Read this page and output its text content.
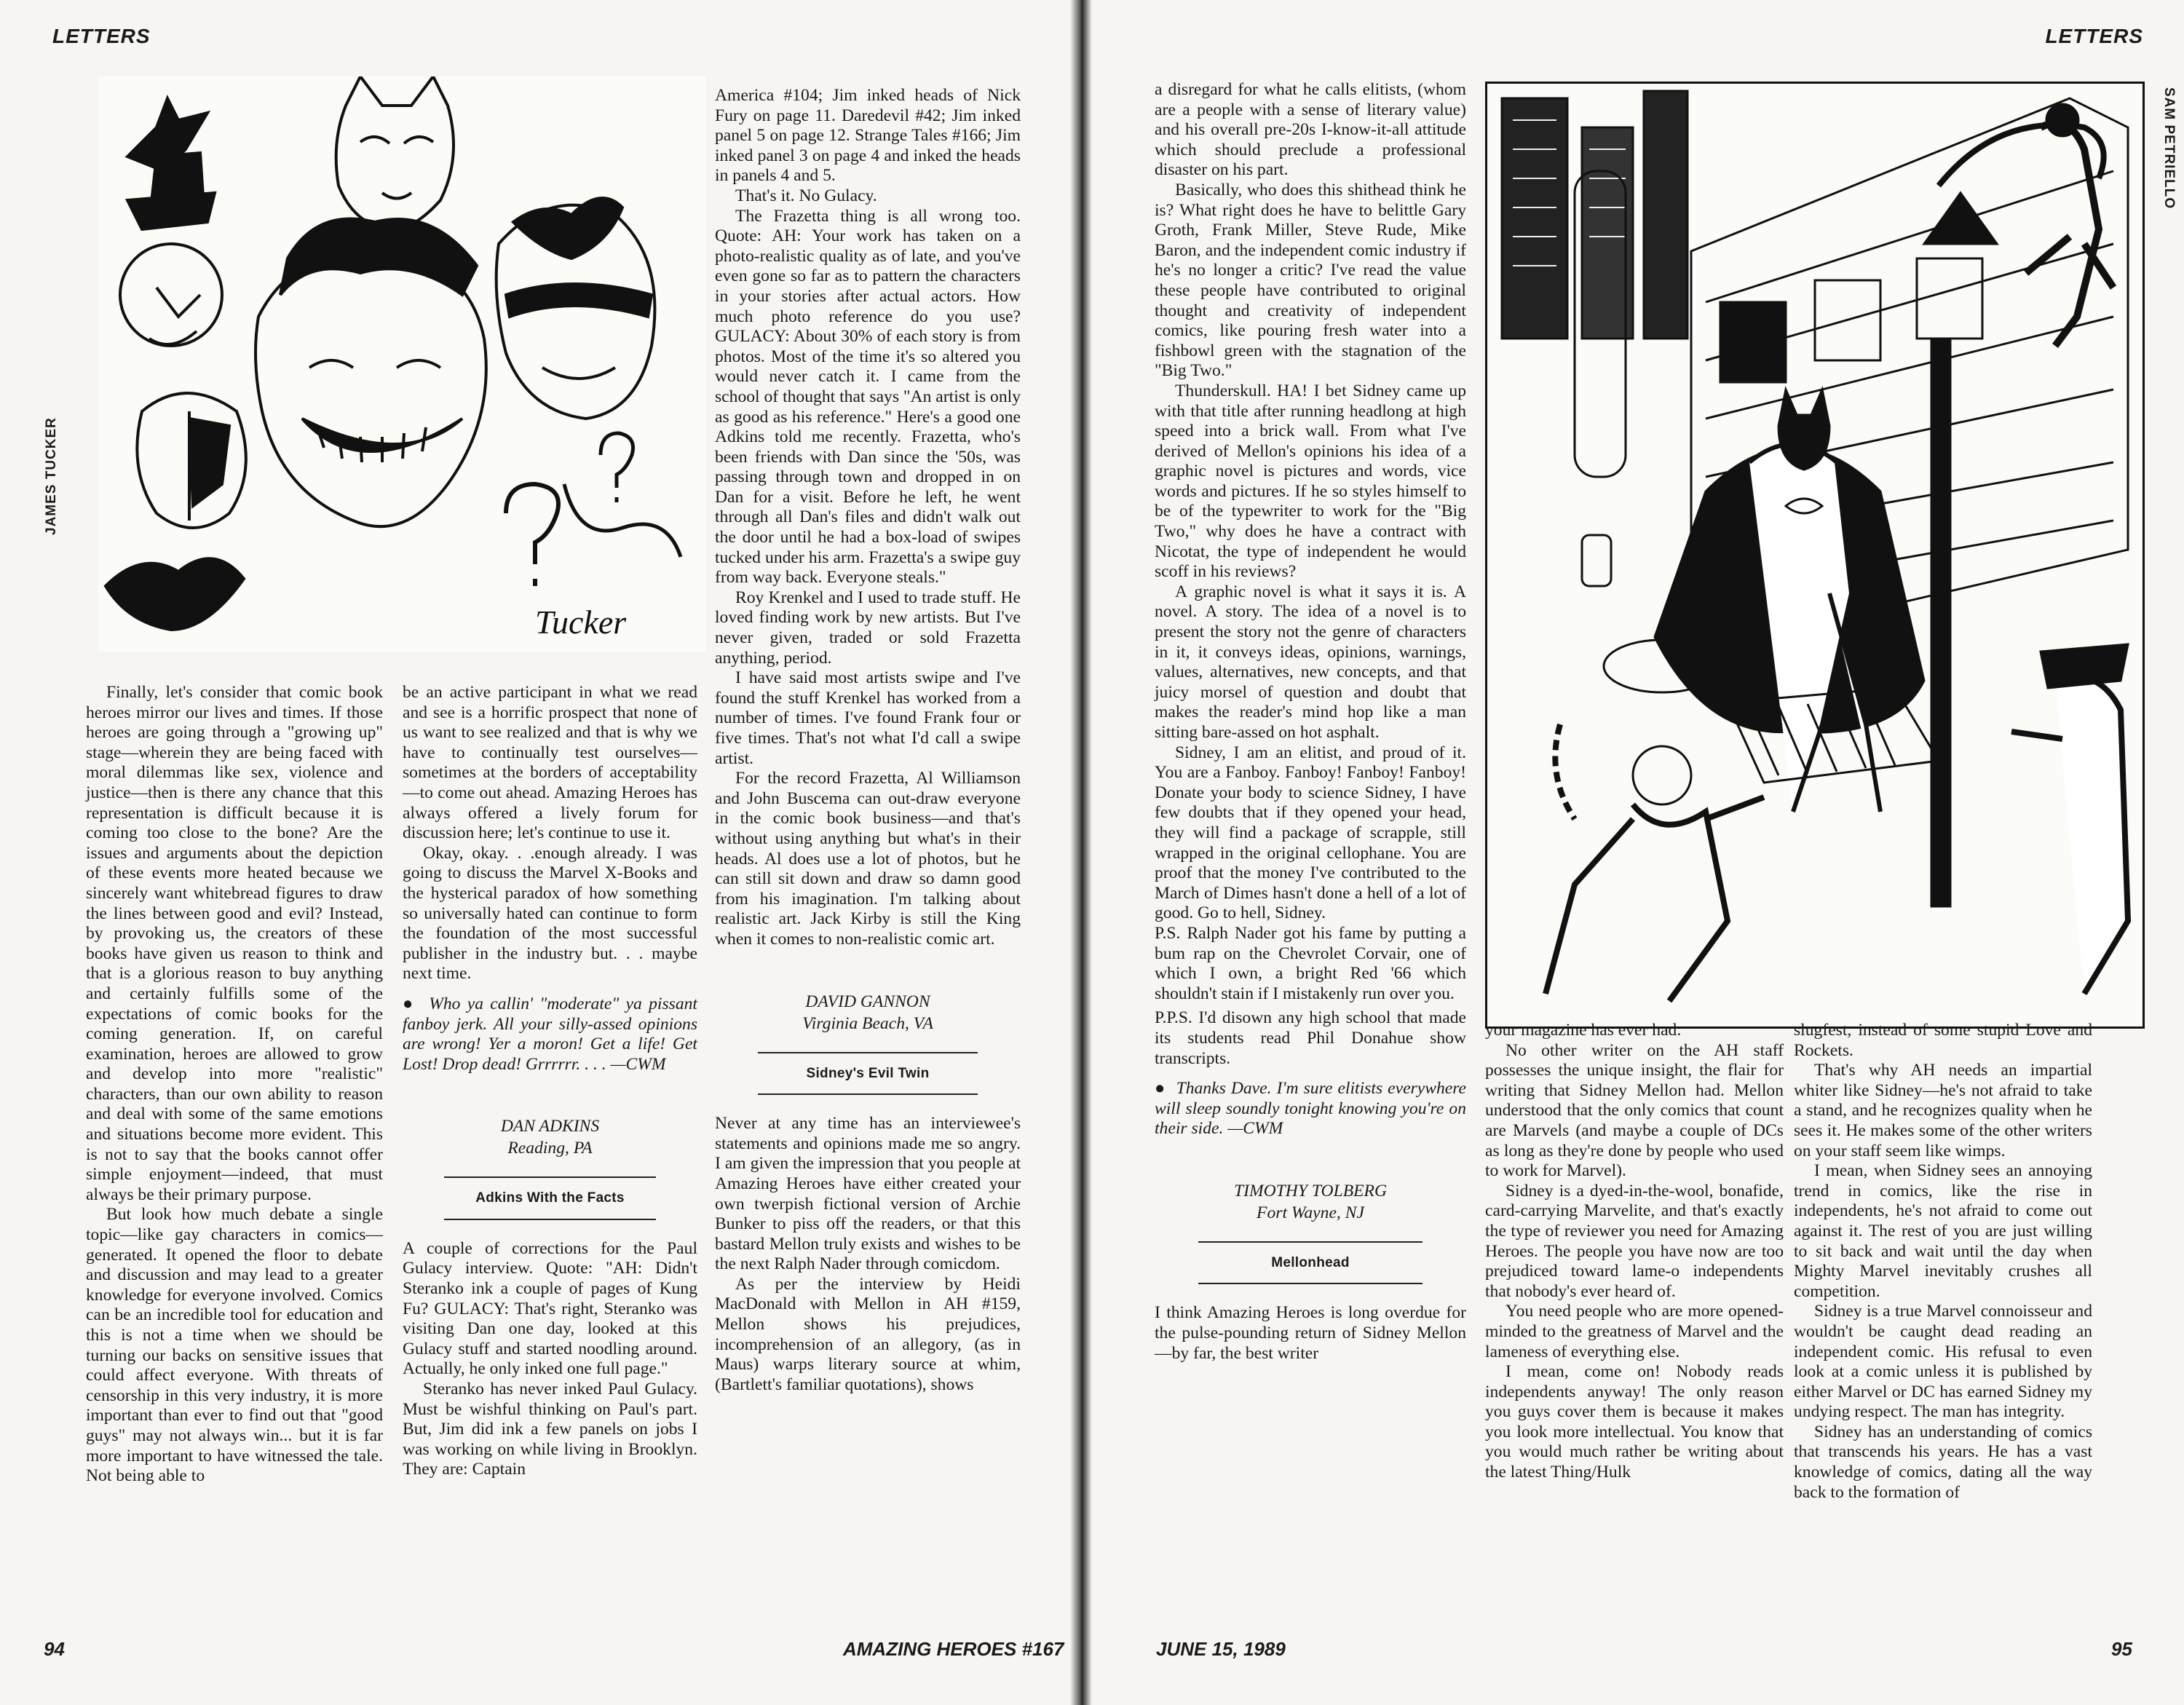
LETTERS
Tucker
JAMES TUCKER

Finally, let's consider that comic book heroes mirror our lives and times. If those heroes are going through a "growing up" stage—wherein they are being faced with moral dilemmas like sex, violence and justice—then is there any chance that this representation is difficult because it is coming too close to the bone? Are the issues and arguments about the depiction of these events more heated because we sincerely want whitebread figures to draw the lines between good and evil? Instead, by provoking us, the creators of these books have given us reason to think and that is a glorious reason to buy anything and certainly fulfills some of the expectations of comic books for the coming generation. If, on careful examination, heroes are allowed to grow and develop into more "realistic" characters, than our own ability to reason and deal with some of the same emotions and situations become more evident. This is not to say that the books cannot offer simple enjoyment—indeed, that must always be their primary purpose.

But look how much debate a single topic—like gay characters in comics—generated. It opened the floor to debate and discussion and may lead to a greater knowledge for everyone involved. Comics can be an incredible tool for education and this is not a time when we should be turning our backs on sensitive issues that could affect everyone. With threats of censorship in this very industry, it is more important than ever to find out that "good guys" may not always win... but it is far more important to have witnessed the tale. Not being able to

be an active participant in what we read and see is a horrific prospect that none of us want to see realized and that is why we have to continually test ourselves—sometimes at the borders of acceptability—to come out ahead. Amazing Heroes has always offered a lively forum for discussion here; let's continue to use it.

Okay, okay. . .enough already. I was going to discuss the Marvel X-Books and the hysterical paradox of how something so universally hated can continue to form the foundation of the most successful publisher in the industry but. . . maybe next time.

●  Who ya callin' "moderate" ya pissant fanboy jerk. All your silly-assed opinions are wrong! Yer a moron! Get a life! Get Lost! Drop dead! Grrrrrr. . . . —CWM

DAN ADKINS
Reading, PA
Adkins With the Facts

A couple of corrections for the Paul Gulacy interview. Quote: "AH: Didn't Steranko ink a couple of pages of Kung Fu? GULACY: That's right, Steranko was visiting Dan one day, looked at this Gulacy stuff and started noodling around. Actually, he only inked one full page."

Steranko has never inked Paul Gulacy. Must be wishful thinking on Paul's part. But, Jim did ink a few panels on jobs I was working on while living in Brooklyn. They are: Captain

America #104; Jim inked heads of Nick Fury on page 11. Daredevil #42; Jim inked panel 5 on page 12. Strange Tales #166; Jim inked panel 3 on page 4 and inked the heads in panels 4 and 5.

That's it. No Gulacy.

The Frazetta thing is all wrong too. Quote: AH: Your work has taken on a photo-realistic quality as of late, and you've even gone so far as to pattern the characters in your stories after actual actors. How much photo reference do you use? GULACY: About 30% of each story is from photos. Most of the time it's so altered you would never catch it. I came from the school of thought that says "An artist is only as good as his reference." Here's a good one Adkins told me recently. Frazetta, who's been friends with Dan since the '50s, was passing through town and dropped in on Dan for a visit. Before he left, he went through all Dan's files and didn't walk out the door until he had a box-load of swipes tucked under his arm. Frazetta's a swipe guy from way back. Everyone steals."

Roy Krenkel and I used to trade stuff. He loved finding work by new artists. But I've never given, traded or sold Frazetta anything, period.

I have said most artists swipe and I've found the stuff Krenkel has worked from a number of times. I've found Frank four or five times. That's not what I'd call a swipe artist.

For the record Frazetta, Al Williamson and John Buscema can out-draw everyone in the comic book business—and that's without using anything but what's in their heads. Al does use a lot of photos, but he can still sit down and draw so damn good from his imagination. I'm talking about realistic art. Jack Kirby is still the King when it comes to non-realistic comic art.

DAVID GANNON
Virginia Beach, VA
Sidney's Evil Twin

Never at any time has an interviewee's statements and opinions made me so angry. I am given the impression that you people at Amazing Heroes have either created your own twerpish fictional version of Archie Bunker to piss off the readers, or that this bastard Mellon truly exists and wishes to be the next Ralph Nader through comicdom.

As per the interview by Heidi MacDonald with Mellon in AH #159, Mellon shows his prejudices, incomprehension of an allegory, (as in Maus) warps literary source at whim, (Bartlett's familiar quotations), shows

94	AMAZING HEROES #167
LETTERS

a disregard for what he calls elitists, (whom are a people with a sense of literary value) and his overall pre-20s I-know-it-all attitude which should preclude a professional disaster on his part.

Basically, who does this shithead think he is? What right does he have to belittle Gary Groth, Frank Miller, Steve Rude, Mike Baron, and the independent comic industry if he's no longer a critic? I've read the value these people have contributed to original thought and creativity of independent comics, like pouring fresh water into a fishbowl green with the stagnation of the "Big Two."

Thunderskull. HA! I bet Sidney came up with that title after running headlong at high speed into a brick wall. From what I've derived of Mellon's opinions his idea of a graphic novel is pictures and words, vice words and pictures. If he so styles himself to be of the typewriter to work for the "Big Two," why does he have a contract with Nicotat, the type of independent he would scoff in his reviews?

A graphic novel is what it says it is. A novel. A story. The idea of a novel is to present the story not the genre of characters in it, it conveys ideas, opinions, warnings, values, alternatives, new concepts, and that juicy morsel of question and doubt that makes the reader's mind hop like a man sitting bare-assed on hot asphalt.

Sidney, I am an elitist, and proud of it. You are a Fanboy. Fanboy! Fanboy! Fanboy! Donate your body to science Sidney, I have few doubts that if they opened your head, they will find a package of scrapple, still wrapped in the original cellophane. You are proof that the money I've contributed to the March of Dimes hasn't done a hell of a lot of good. Go to hell, Sidney.

P.S. Ralph Nader got his fame by putting a bum rap on the Chevrolet Corvair, one of which I own, a bright Red '66 which shouldn't stain if I mistakenly run over you.

P.P.S. I'd disown any high school that made its students read Phil Donahue show transcripts.

●  Thanks Dave. I'm sure elitists everywhere will sleep soundly tonight knowing you're on their side. —CWM

TIMOTHY TOLBERG
Fort Wayne, NJ
Mellonhead

I think Amazing Heroes is long overdue for the pulse-pounding return of Sidney Mellon—by far, the best writer

SAM PETRIELLO

your magazine has ever had.

No other writer on the AH staff possesses the unique insight, the flair for writing that Sidney Mellon had. Mellon understood that the only comics that count are Marvels (and maybe a couple of DCs as long as they're done by people who used to work for Marvel).

Sidney is a dyed-in-the-wool, bonafide, card-carrying Marvelite, and that's exactly the type of reviewer you need for Amazing Heroes. The people you have now are too prejudiced toward lame-o independents that nobody's ever heard of.

You need people who are more opened-minded to the greatness of Marvel and the lameness of everything else.

I mean, come on! Nobody reads independents anyway! The only reason you guys cover them is because it makes you look more intellectual. You know that you would much rather be writing about the latest Thing/Hulk

slugfest, instead of some stupid Love and Rockets.

That's why AH needs an impartial whiter like Sidney—he's not afraid to take a stand, and he recognizes quality when he sees it. He makes some of the other writers on your staff seem like wimps.

I mean, when Sidney sees an annoying trend in comics, like the rise in independents, he's not afraid to come out against it. The rest of you are just willing to sit back and wait until the day when Mighty Marvel inevitably crushes all competition.

Sidney is a true Marvel connoisseur and wouldn't be caught dead reading an independent comic. His refusal to even look at a comic unless it is published by either Marvel or DC has earned Sidney my undying respect. The man has integrity.

Sidney has an understanding of comics that transcends his years. He has a vast knowledge of comics, dating all the way back to the formation of

JUNE 15, 1989	95
